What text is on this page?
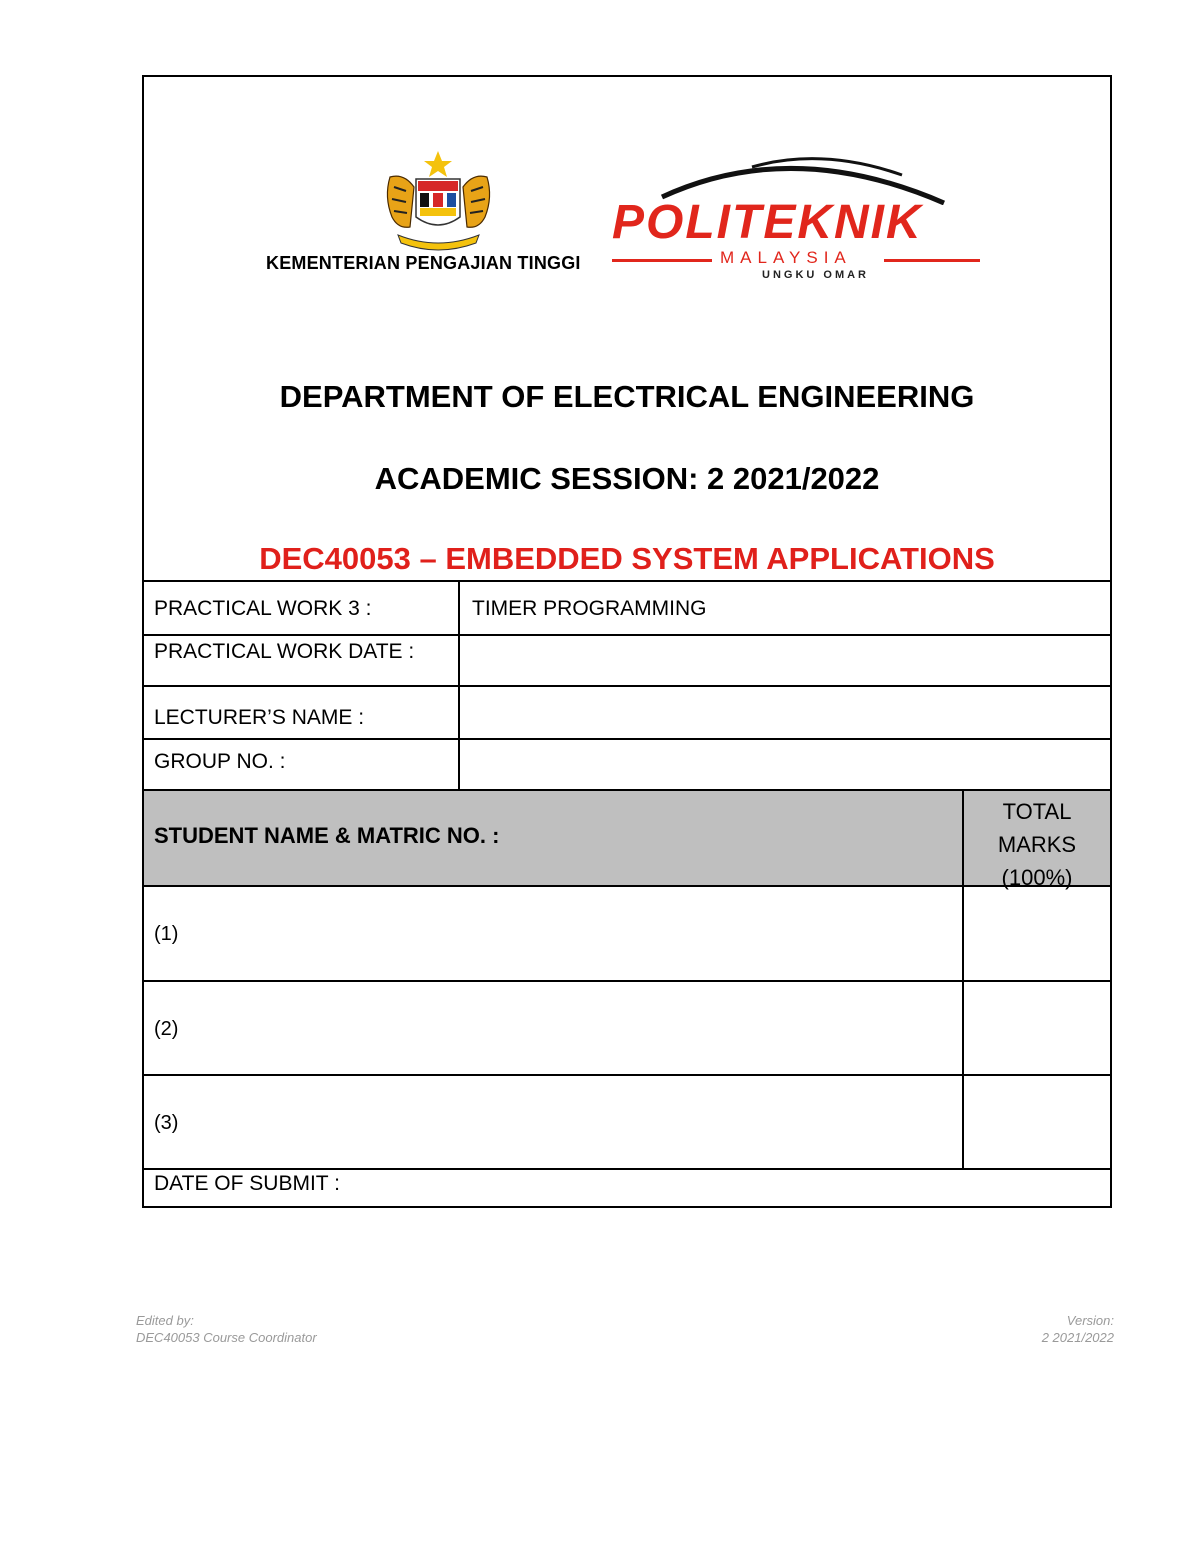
KEMENTERIAN PENGAJIAN TINGGI
POLITEKNIK
MALAYSIA
UNGKU OMAR
DEPARTMENT OF ELECTRICAL ENGINEERING
ACADEMIC SESSION: 2 2021/2022
DEC40053 – EMBEDDED SYSTEM APPLICATIONS
PRACTICAL WORK 3 :	TIMER PROGRAMMING
PRACTICAL WORK DATE :
LECTURER’S NAME :
GROUP NO. :
STUDENT NAME & MATRIC NO. :
TOTAL
MARKS
(100%)
(1)
(2)
(3)
DATE OF SUBMIT :
Edited by:
DEC40053 Course Coordinator
Version:
2 2021/2022
